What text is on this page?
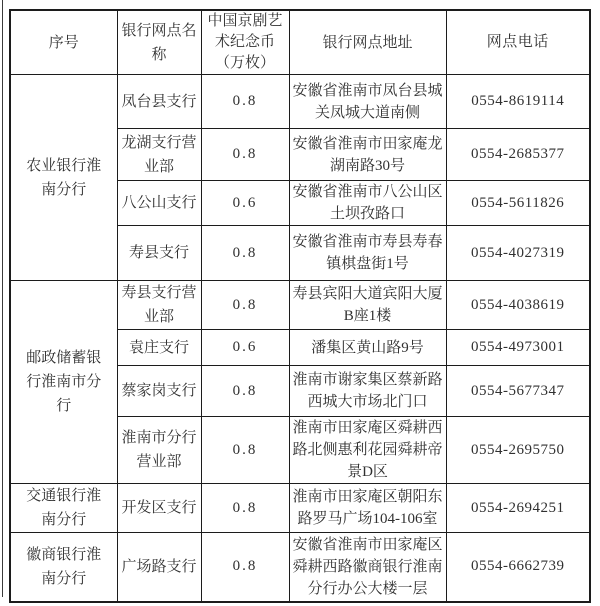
序号	银行网点名称	中国京剧艺术纪念币（万枚）	银行网点地址	网点电话
农业银行淮南分行	凤台县支行	0.8	安徽省淮南市凤台县城关凤城大道南侧	0554-8619114
	龙湖支行营业部	0.8	安徽省淮南市田家庵龙湖南路30号	0554-2685377
	八公山支行	0.6	安徽省淮南市八公山区土坝孜路口	0554-5611826
	寿县支行	0.8	安徽省淮南市寿县寿春镇棋盘街1号	0554-4027319
邮政储蓄银行淮南市分行	寿县支行营业部	0.8	寿县宾阳大道宾阳大厦B座1楼	0554-4038619
	袁庄支行	0.6	潘集区黄山路9号	0554-4973001
	蔡家岗支行	0.8	淮南市谢家集区蔡新路西城大市场北门口	0554-5677347
	淮南市分行营业部	0.8	淮南市田家庵区舜耕西路北侧惠利花园舜耕帝景D区	0554-2695750
交通银行淮南分行	开发区支行	0.8	淮南市田家庵区朝阳东路罗马广场104-106室	0554-2694251
徽商银行淮南分行	广场路支行	0.8	安徽省淮南市田家庵区舜耕西路徽商银行淮南分行办公大楼一层	0554-6662739
